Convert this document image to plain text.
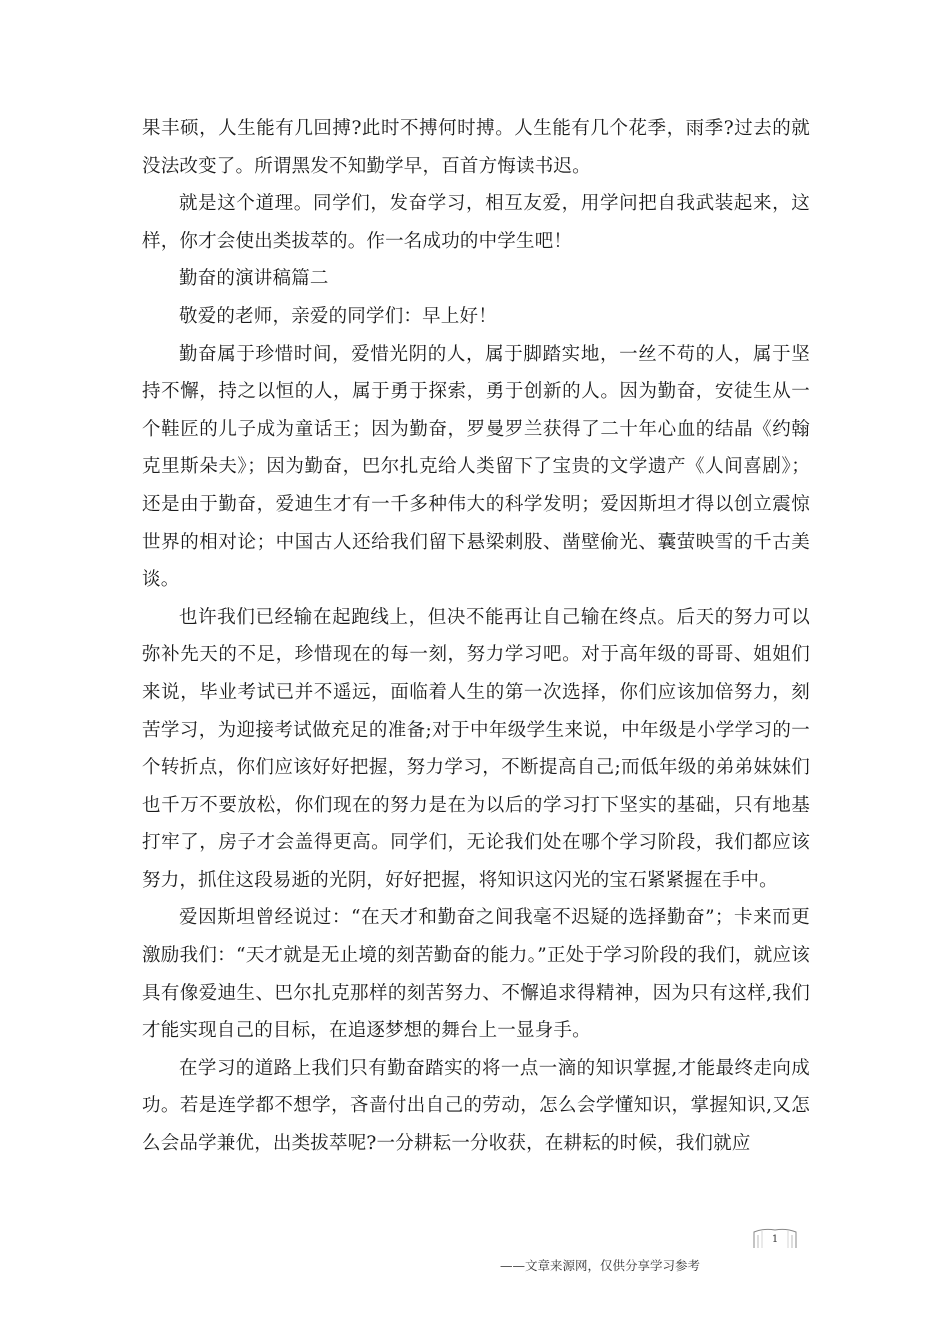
果丰硕，人生能有几回搏?此时不搏何时搏。人生能有几个花季，雨季?过去的就没法改变了。所谓黑发不知勤学早，百首方悔读书迟。

就是这个道理。同学们，发奋学习，相互友爱，用学问把自我武装起来，这样，你才会使出类拔萃的。作一名成功的中学生吧！

勤奋的演讲稿篇二

敬爱的老师，亲爱的同学们：早上好！

勤奋属于珍惜时间，爱惜光阴的人，属于脚踏实地，一丝不苟的人，属于坚持不懈，持之以恒的人，属于勇于探索，勇于创新的人。因为勤奋，安徒生从一个鞋匠的儿子成为童话王；因为勤奋，罗曼罗兰获得了二十年心血的结晶《约翰克里斯朵夫》；因为勤奋，巴尔扎克给人类留下了宝贵的文学遗产《人间喜剧》；还是由于勤奋，爱迪生才有一千多种伟大的科学发明；爱因斯坦才得以创立震惊世界的相对论；中国古人还给我们留下悬梁刺股、凿壁偷光、囊萤映雪的千古美谈。

也许我们已经输在起跑线上，但决不能再让自己输在终点。后天的努力可以弥补先天的不足，珍惜现在的每一刻，努力学习吧。对于高年级的哥哥、姐姐们来说，毕业考试已并不遥远，面临着人生的第一次选择，你们应该加倍努力，刻苦学习，为迎接考试做充足的准备;对于中年级学生来说，中年级是小学学习的一个转折点，你们应该好好把握，努力学习，不断提高自己;而低年级的弟弟妹妹们也千万不要放松，你们现在的努力是在为以后的学习打下坚实的基础，只有地基打牢了，房子才会盖得更高。同学们，无论我们处在哪个学习阶段，我们都应该努力，抓住这段易逝的光阴，好好把握，将知识这闪光的宝石紧紧握在手中。

爱因斯坦曾经说过：“在天才和勤奋之间我毫不迟疑的选择勤奋”；卡来而更激励我们：“天才就是无止境的刻苦勤奋的能力。”正处于学习阶段的我们，就应该具有像爱迪生、巴尔扎克那样的刻苦努力、不懈追求得精神，因为只有这样,我们才能实现自己的目标，在追逐梦想的舞台上一显身手。

在学习的道路上我们只有勤奋踏实的将一点一滴的知识掌握,才能最终走向成功。若是连学都不想学，吝啬付出自己的劳动，怎么会学懂知识，掌握知识,又怎么会品学兼优，出类拔萃呢?一分耕耘一分收获，在耕耘的时候，我们就应

1
——文章来源网，仅供分享学习参考
